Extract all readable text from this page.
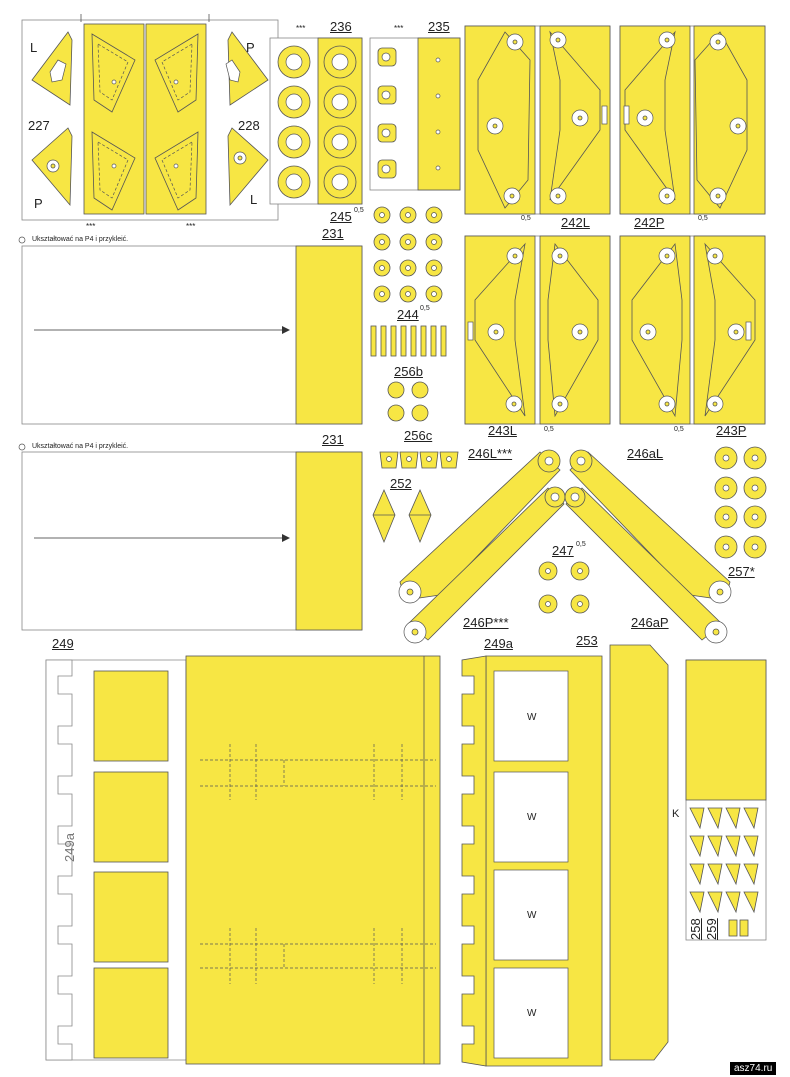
W
W
W
W
L	P
227	228
P	L
***	***
*** 236	*** 235
0,5 242L	242P	0,5
245 0,5
231
Ukształtować na P4 i przykleić.
244 0,5
256b
243L	0,5	0,5 243P
231
Ukształtować na P4 i przykleić.
256c
252
246L***	246aL
247 0,5
257*
246P***	246aP
249	249a	253
249a
K
258 259
asz74.ru
